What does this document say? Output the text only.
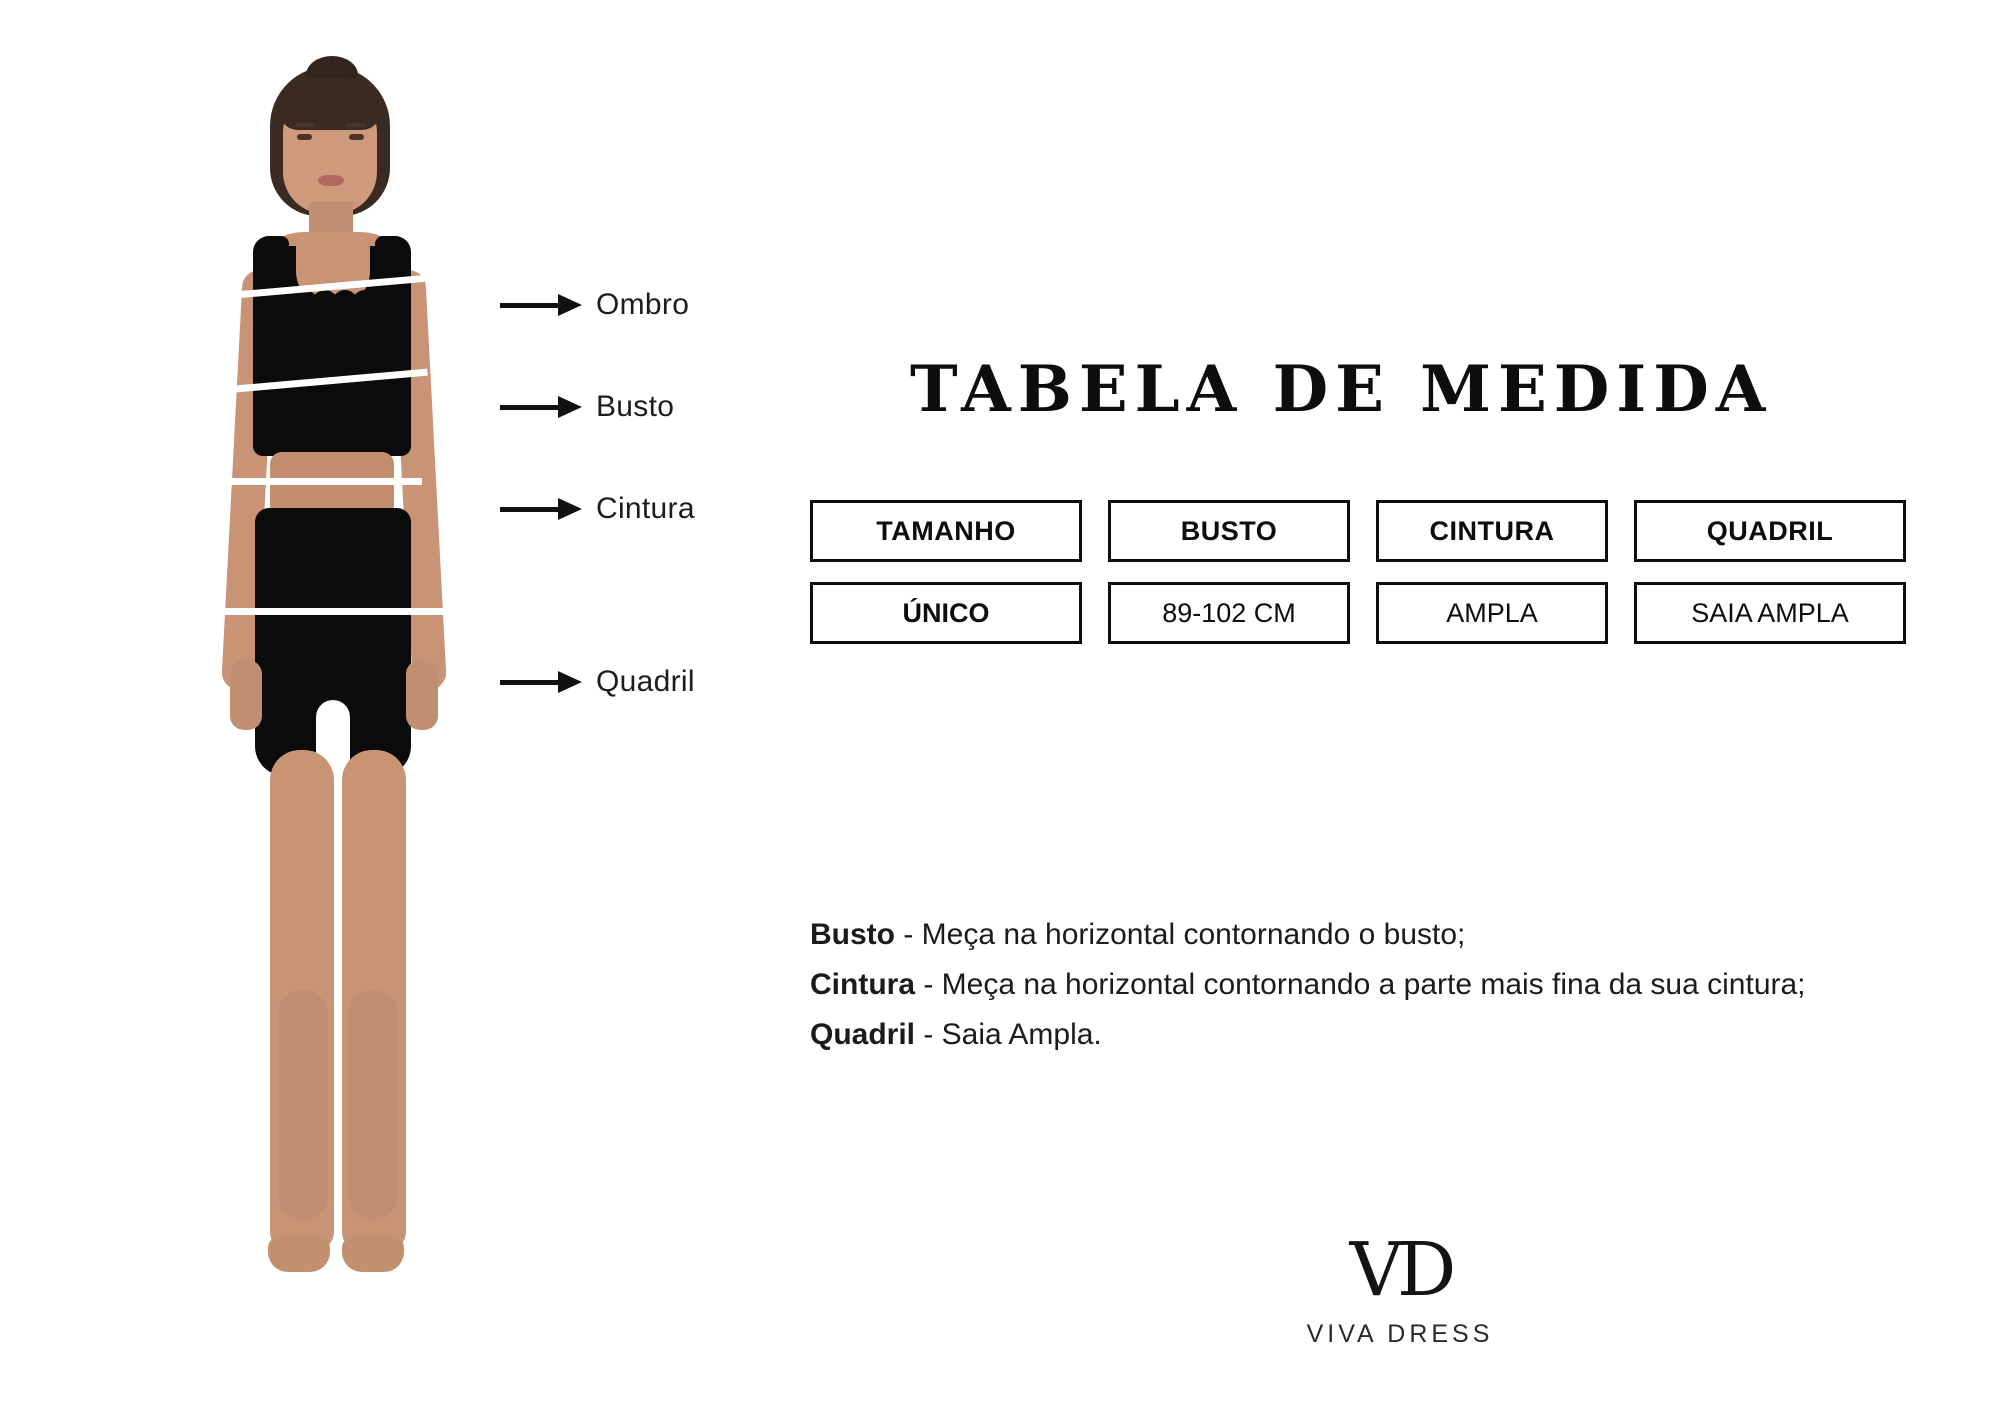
Ombro
Busto
Cintura
Quadril
TABELA DE MEDIDA
TAMANHO	BUSTO	CINTURA	QUADRIL
ÚNICO	89-102 CM	AMPLA	SAIA AMPLA
Busto - Meça na horizontal contornando o busto;
Cintura - Meça na horizontal contornando a parte mais fina da sua cintura;
Quadril - Saia Ampla.
VD
VIVA DRESS
